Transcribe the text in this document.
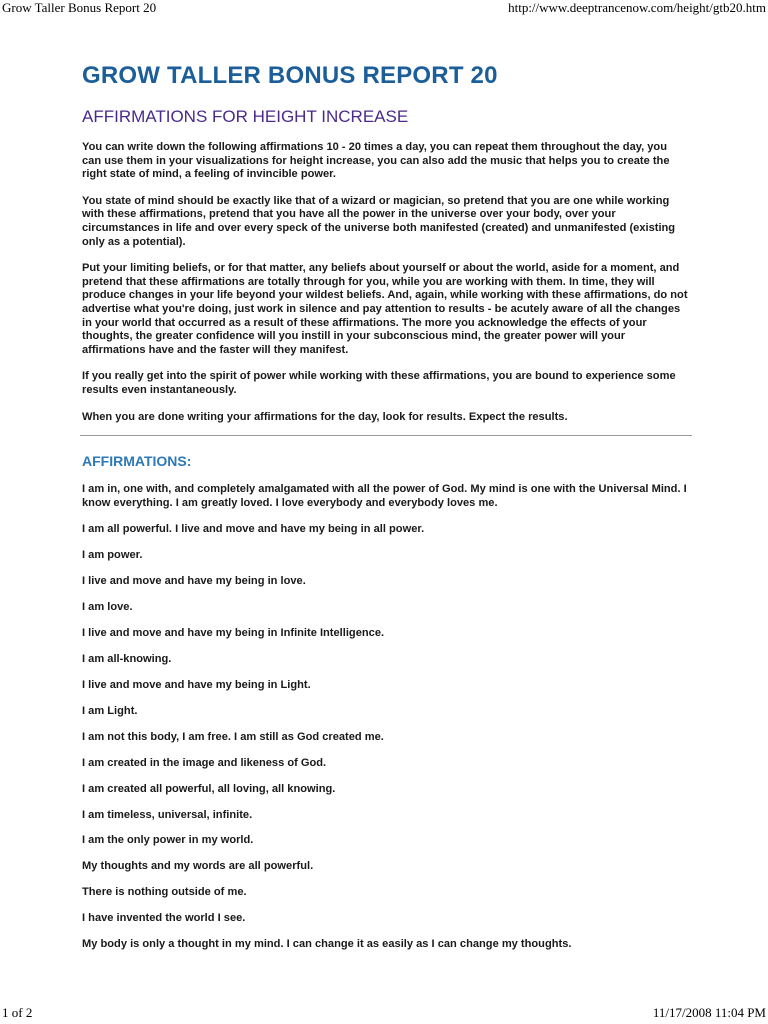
Grow Taller Bonus Report 20	http://www.deeptrancenow.com/height/gtb20.htm
GROW TALLER BONUS REPORT 20
AFFIRMATIONS FOR HEIGHT INCREASE

You can write down the following affirmations 10 - 20 times a day, you can repeat them throughout the day, you can use them in your visualizations for height increase, you can also add the music that helps you to create the right state of mind, a feeling of invincible power.

You state of mind should be exactly like that of a wizard or magician, so pretend that you are one while working with these affirmations, pretend that you have all the power in the universe over your body, over your circumstances in life and over every speck of the universe both manifested (created) and unmanifested (existing only as a potential).

Put your limiting beliefs, or for that matter, any beliefs about yourself or about the world, aside for a moment, and pretend that these affirmations are totally through for you, while you are working with them. In time, they will produce changes in your life beyond your wildest beliefs. And, again, while working with these affirmations, do not advertise what you're doing, just work in silence and pay attention to results - be acutely aware of all the changes in your world that occurred as a result of these affirmations. The more you acknowledge the effects of your thoughts, the greater confidence will you instill in your subconscious mind, the greater power will your affirmations have and the faster will they manifest.

If you really get into the spirit of power while working with these affirmations, you are bound to experience some results even instantaneously.

When you are done writing your affirmations for the day, look for results. Expect the results.

AFFIRMATIONS:

I am in, one with, and completely amalgamated with all the power of God. My mind is one with the Universal Mind. I know everything. I am greatly loved. I love everybody and everybody loves me.

I am all powerful. I live and move and have my being in all power.

I am power.

I live and move and have my being in love.

I am love.

I live and move and have my being in Infinite Intelligence.

I am all-knowing.

I live and move and have my being in Light.

I am Light.

I am not this body, I am free. I am still as God created me.

I am created in the image and likeness of God.

I am created all powerful, all loving, all knowing.

I am timeless, universal, infinite.

I am the only power in my world.

My thoughts and my words are all powerful.

There is nothing outside of me.

I have invented the world I see.

My body is only a thought in my mind. I can change it as easily as I can change my thoughts.

1 of 2	11/17/2008 11:04 PM
